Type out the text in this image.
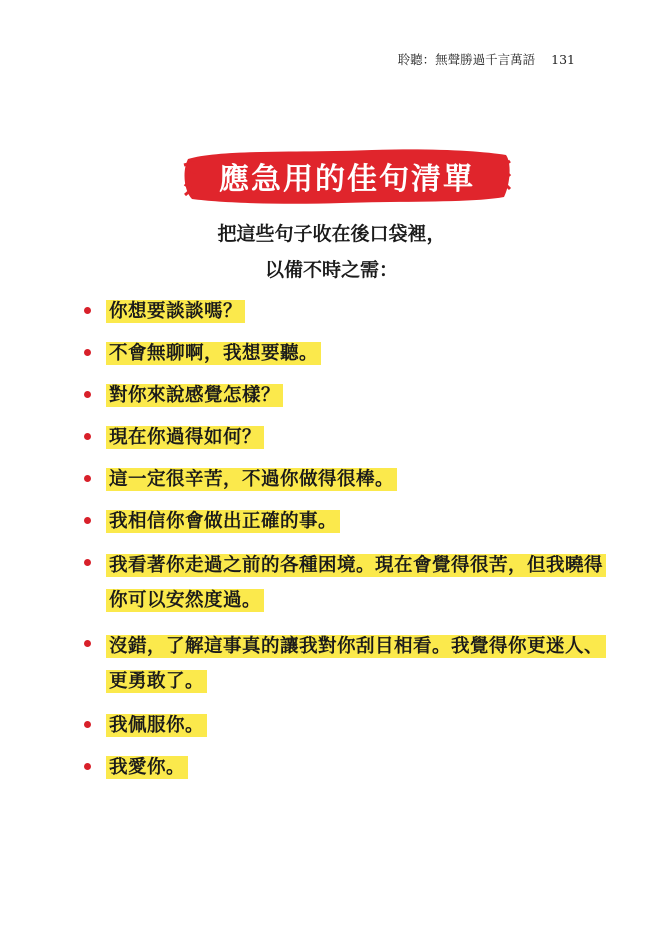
聆聽：無聲勝過千言萬語 131
應急用的佳句清單
把這些句子收在後口袋裡，
以備不時之需：
你想要談談嗎？
不會無聊啊，我想要聽。
對你來說感覺怎樣？
現在你過得如何？
這一定很辛苦，不過你做得很棒。
我相信你會做出正確的事。
我看著你走過之前的各種困境。現在會覺得很苦，但我曉得你可以安然度過。
沒錯，了解這事真的讓我對你刮目相看。我覺得你更迷人、更勇敢了。
我佩服你。
我愛你。
